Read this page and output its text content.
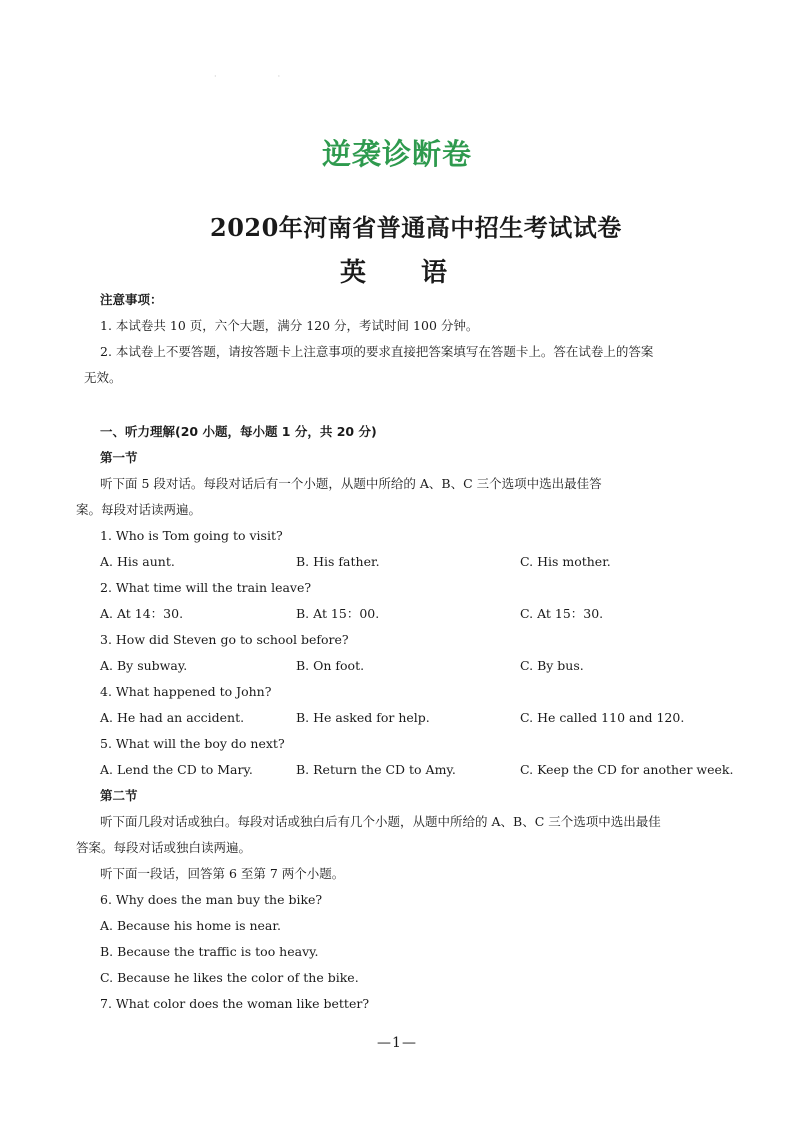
·                        ·
逆袭诊断卷
2020年河南省普通高中招生考试试卷
英 语
注意事项：
1. 本试卷共 10 页，六个大题，满分 120 分，考试时间 100 分钟。
2. 本试卷上不要答题，请按答题卡上注意事项的要求直接把答案填写在答题卡上。答在试卷上的答案
无效。
一、听力理解(20 小题，每小题 1 分，共 20 分)
第一节
听下面 5 段对话。每段对话后有一个小题，从题中所给的 A、B、C 三个选项中选出最佳答
案。每段对话读两遍。
1. Who is Tom going to visit?
A. His aunt.	B. His father.	C. His mother.
2. What time will the train leave?
A. At 14：30.	B. At 15：00.	C. At 15：30.
3. How did Steven go to school before?
A. By subway.	B. On foot.	C. By bus.
4. What happened to John?
A. He had an accident.	B. He asked for help.	C. He called 110 and 120.
5. What will the boy do next?
A. Lend the CD to Mary.	B. Return the CD to Amy.	C. Keep the CD for another week.
第二节
听下面几段对话或独白。每段对话或独白后有几个小题，从题中所给的 A、B、C 三个选项中选出最佳
答案。每段对话或独白读两遍。
听下面一段话，回答第 6 至第 7 两个小题。
6. Why does the man buy the bike?
A. Because his home is near.
B. Because the traffic is too heavy.
C. Because he likes the color of the bike.
7. What color does the woman like better?
—1—
